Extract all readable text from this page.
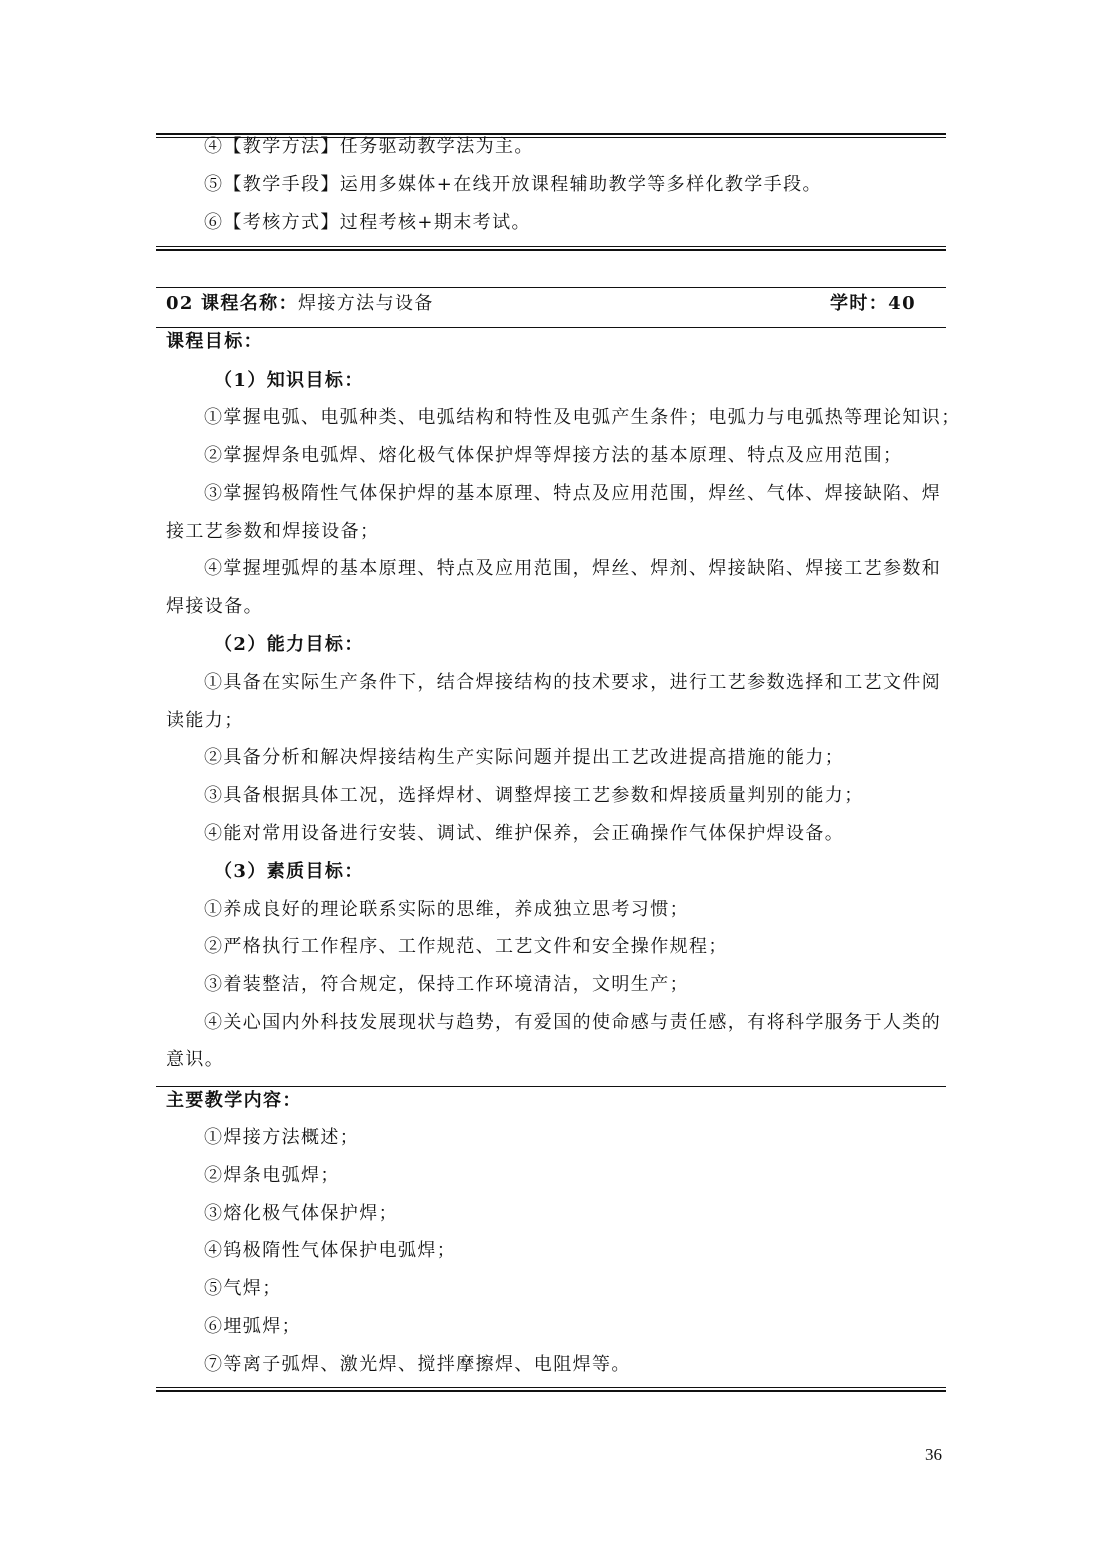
④【教学方法】任务驱动教学法为主。
⑤【教学手段】运用多媒体+在线开放课程辅助教学等多样化教学手段。
⑥【考核方式】过程考核+期末考试。
02 课程名称：焊接方法与设备	学时：40
课程目标：
（1）知识目标：
①掌握电弧、电弧种类、电弧结构和特性及电弧产生条件；电弧力与电弧热等理论知识；
②掌握焊条电弧焊、熔化极气体保护焊等焊接方法的基本原理、特点及应用范围；
③掌握钨极隋性气体保护焊的基本原理、特点及应用范围，焊丝、气体、焊接缺陷、焊
接工艺参数和焊接设备；
④掌握埋弧焊的基本原理、特点及应用范围，焊丝、焊剂、焊接缺陷、焊接工艺参数和
焊接设备。
（2）能力目标：
①具备在实际生产条件下，结合焊接结构的技术要求，进行工艺参数选择和工艺文件阅
读能力；
②具备分析和解决焊接结构生产实际问题并提出工艺改进提高措施的能力；
③具备根据具体工况，选择焊材、调整焊接工艺参数和焊接质量判别的能力；
④能对常用设备进行安装、调试、维护保养，会正确操作气体保护焊设备。
（3）素质目标：
①养成良好的理论联系实际的思维，养成独立思考习惯；
②严格执行工作程序、工作规范、工艺文件和安全操作规程；
③着装整洁，符合规定，保持工作环境清洁，文明生产；
④关心国内外科技发展现状与趋势，有爱国的使命感与责任感，有将科学服务于人类的
意识。
主要教学内容：
①焊接方法概述；
②焊条电弧焊；
③熔化极气体保护焊；
④钨极隋性气体保护电弧焊；
⑤气焊；
⑥埋弧焊；
⑦等离子弧焊、激光焊、搅拌摩擦焊、电阻焊等。
36
